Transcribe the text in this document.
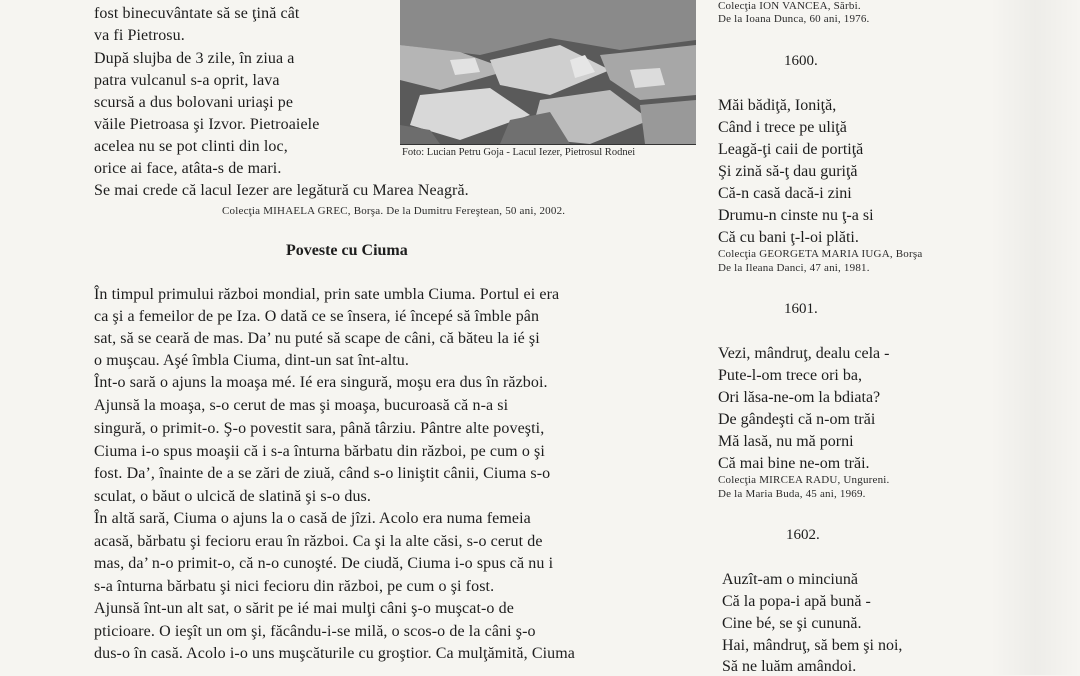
Foto: Lucian Petru Goja - Lacul Iezer, Pietrosul Rodnei
fost binecuvântate să se ţină cât
va fi Pietrosu.
După slujba de 3 zile, în ziua a
patra vulcanul s-a oprit, lava
scursă a dus bolovani uriaşi pe
văile Pietroasa şi Izvor. Pietroaiele
acelea nu se pot clinti din loc,
orice ai face, atâta-s de mari.
Se mai crede că lacul Iezer are legătură cu Marea Neagră.
Colecţia MIHAELA GREC, Borşa. De la Dumitru Fereştean, 50 ani, 2002.
Poveste cu Ciuma
În timpul primului război mondial, prin sate umbla Ciuma. Portul ei era
ca şi a femeilor de pe Iza. O dată ce se însera, ié începé să îmble pân
sat, să se ceară de mas. Da’ nu puté să scape de câni, că băteu la ié şi
o muşcau. Aşé îmbla Ciuma, dint-un sat înt-altu.
Înt-o sară o ajuns la moaşa mé. Ié era singură, moşu era dus în război.
Ajunsă la moaşa, s-o cerut de mas şi moaşa, bucuroasă că n-a si
singură, o primit-o. Ş-o povestit sara, până târziu. Pântre alte poveşti,
Ciuma i-o spus moaşii că i s-a înturna bărbatu din război, pe cum o şi
fost. Da’, înainte de a se zări de ziuă, când s-o liniştit cânii, Ciuma s-o
sculat, o băut o ulcică de slatină şi s-o dus.
În altă sară, Ciuma o ajuns la o casă de jîzi. Acolo era numa femeia
acasă, bărbatu şi fecioru erau în război. Ca şi la alte căsi, s-o cerut de
mas, da’ n-o primit-o, că n-o cunoşté. De ciudă, Ciuma i-o spus că nu i
s-a înturna bărbatu şi nici fecioru din război, pe cum o şi fost.
Ajunsă înt-un alt sat, o sărit pe ié mai mulţi câni ş-o muşcat-o de
pticioare. O ieşît un om şi, făcându-i-se milă, o scos-o de la câni ş-o
dus-o în casă. Acolo i-o uns muşcăturile cu groştior. Ca mulţămită, Ciuma
Colecţia ION VANCEA, Sărbi.
De la Ioana Dunca, 60 ani, 1976.
1600.
Măi bădiţă, Ioniţă,
Când i trece pe uliţă
Leagă-ţi caii de portiţă
Şi zină să-ţ dau guriţă
Că-n casă dacă-i zini
Drumu-n cinste nu ţ-a si
Că cu bani ţ-l-oi plăti.
Colecţia GEORGETA MARIA IUGA, Borşa
De la Ileana Danci, 47 ani, 1981.
1601.
Vezi, mândruţ, dealu cela -
Pute-l-om trece ori ba,
Ori lăsa-ne-om la bdiata?
De gândeşti că n-om trăi
Mă lasă, nu mă porni
Că mai bine ne-om trăi.
Colecţia MIRCEA RADU, Ungureni.
De la Maria Buda, 45 ani, 1969.
1602.
Auzît-am o minciună
Că la popa-i apă bună -
Cine bé, se şi cunună.
Hai, mândruţ, să bem şi noi,
Să ne luăm amândoi.
